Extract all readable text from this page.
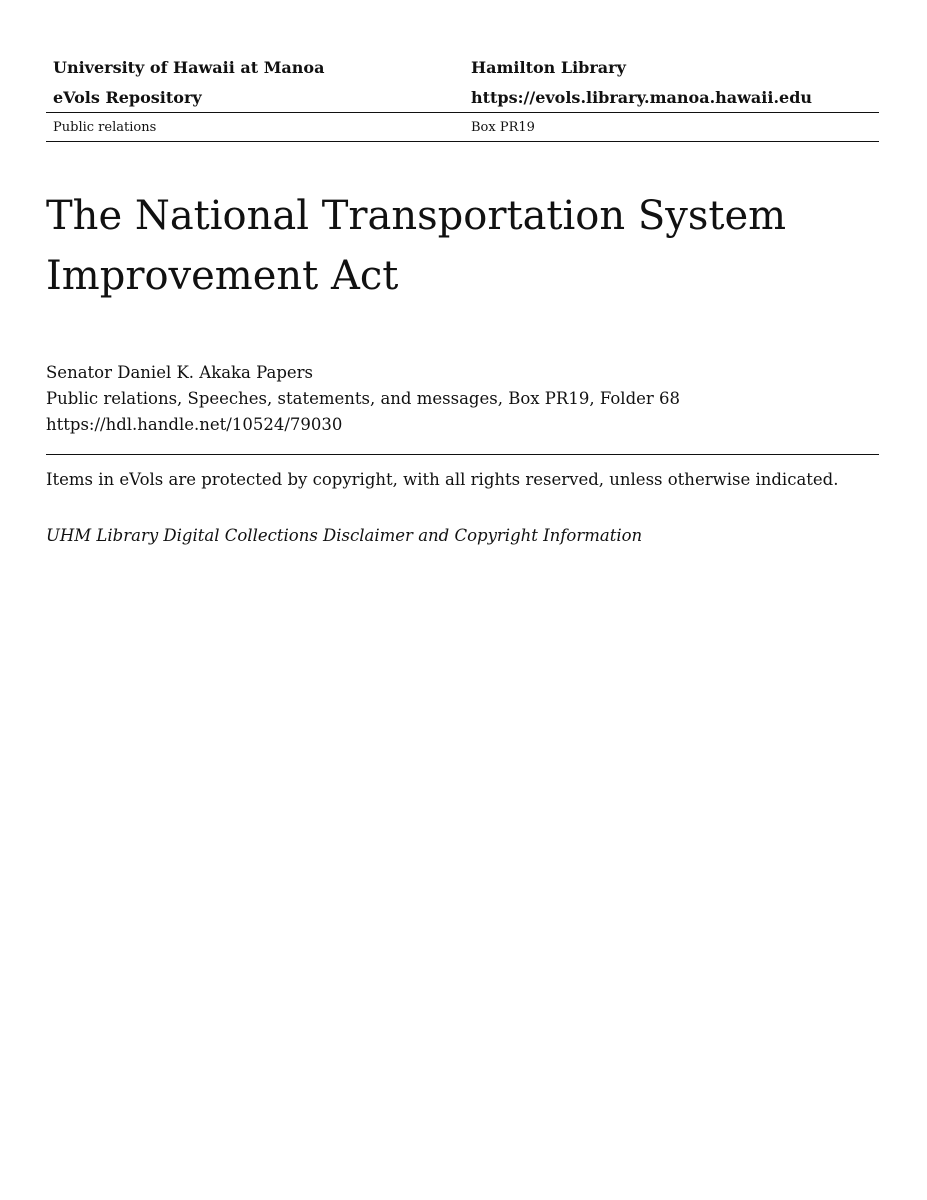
University of Hawaii at Manoa	Hamilton Library
eVols Repository	https://evols.library.manoa.hawaii.edu
Public relations	Box PR19
The National Transportation System
Improvement Act
Senator Daniel K. Akaka Papers
Public relations, Speeches, statements, and messages, Box PR19, Folder 68
https://hdl.handle.net/10524/79030
Items in eVols are protected by copyright, with all rights reserved, unless otherwise indicated.
UHM Library Digital Collections Disclaimer and Copyright Information
